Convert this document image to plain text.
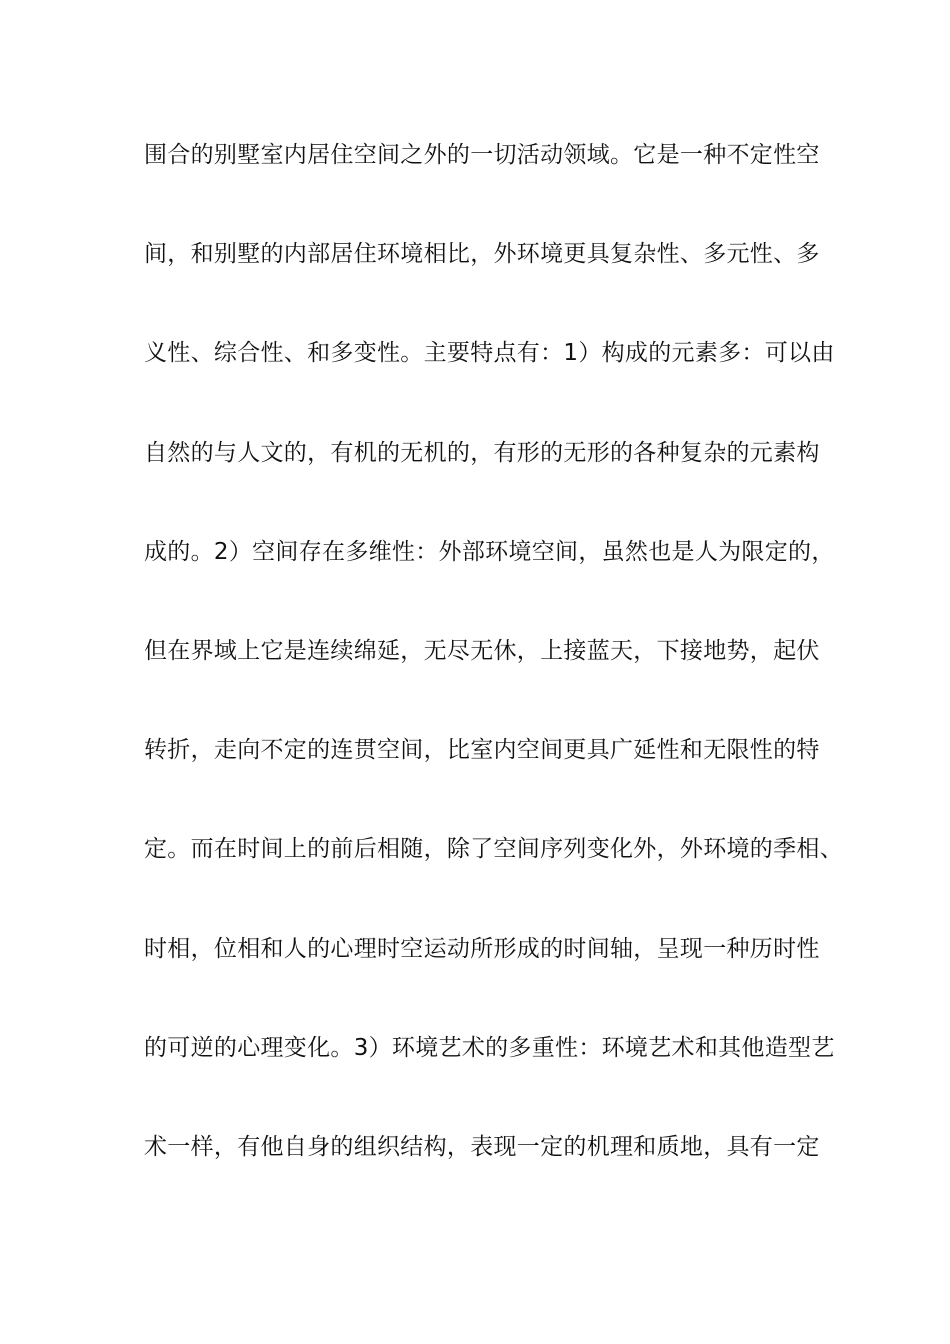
围合的别墅室内居住空间之外的一切活动领域。它是一种不定性空
间，和别墅的内部居住环境相比，外环境更具复杂性、多元性、多
义性、综合性、和多变性。主要特点有：1）构成的元素多：可以由
自然的与人文的，有机的无机的，有形的无形的各种复杂的元素构
成的。2）空间存在多维性：外部环境空间，虽然也是人为限定的，
但在界域上它是连续绵延，无尽无休，上接蓝天，下接地势，起伏
转折，走向不定的连贯空间，比室内空间更具广延性和无限性的特
定。而在时间上的前后相随，除了空间序列变化外，外环境的季相、
时相，位相和人的心理时空运动所形成的时间轴，呈现一种历时性
的可逆的心理变化。3）环境艺术的多重性：环境艺术和其他造型艺
术一样，有他自身的组织结构，表现一定的机理和质地，具有一定
